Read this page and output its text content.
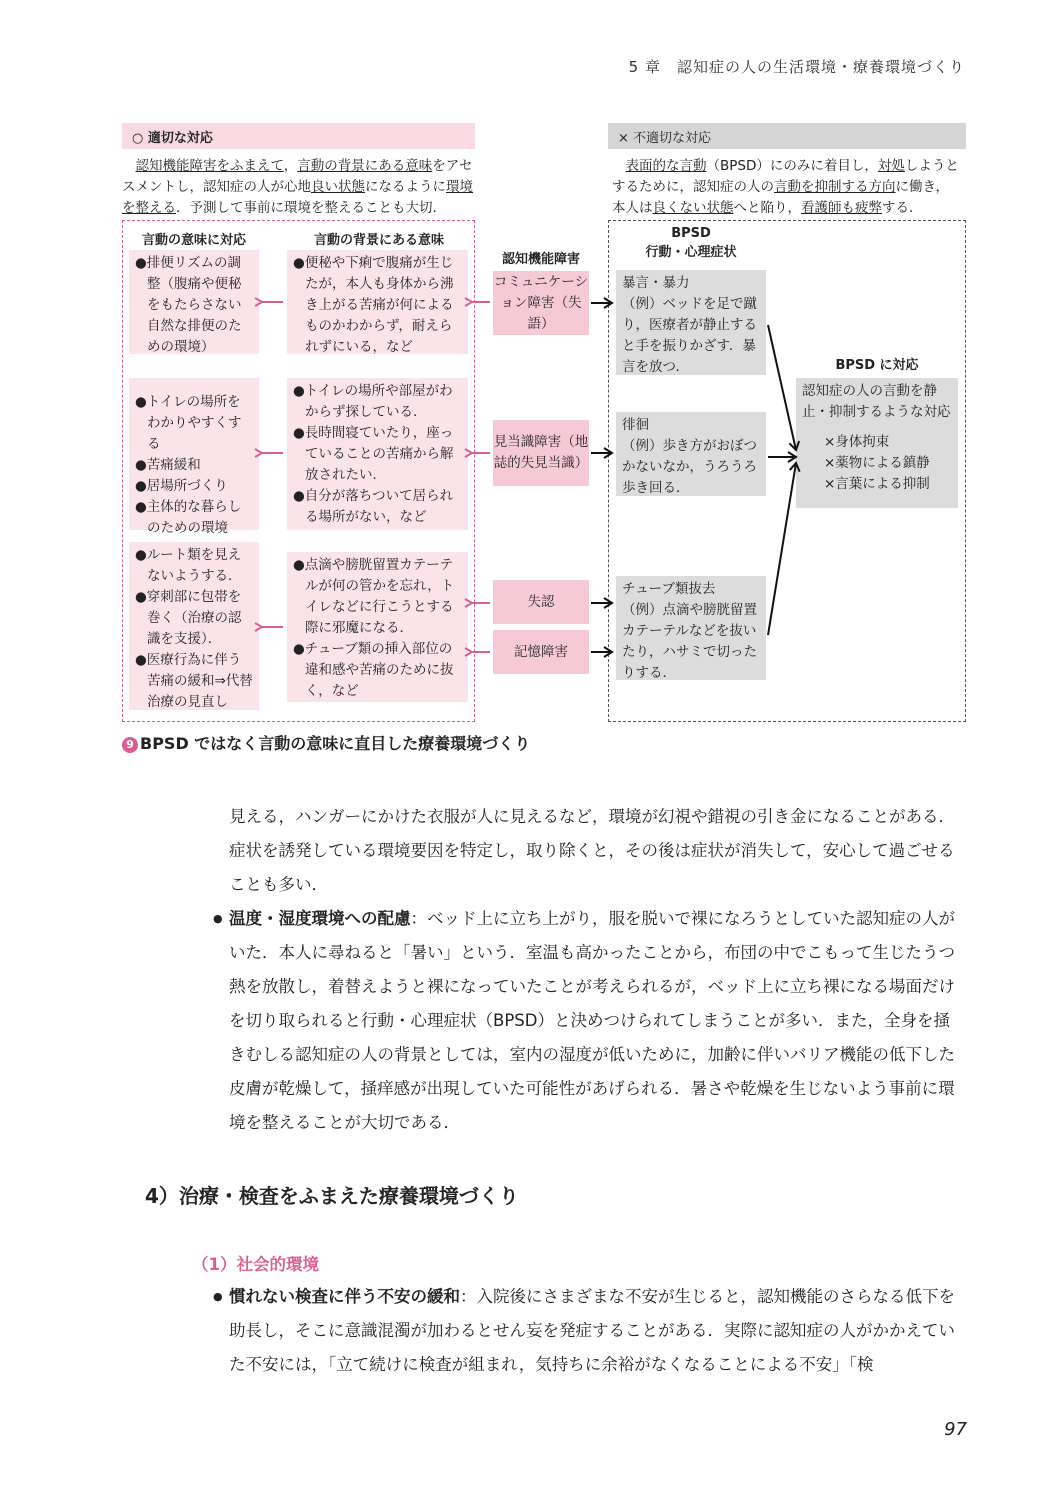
5 章　認知症の人の生活環境・療養環境づくり
○ 適切な対応	× 不適切な対応
　認知機能障害をふまえて，言動の背景にある意味をアセスメントし，認知症の人が心地良い状態になるように環境を整える．予測して事前に環境を整えることも大切．
　表面的な言動（BPSD）にのみに着目し，対処しようとするために，認知症の人の言動を抑制する方向に働き，本人は良くない状態へと陥り，看護師も疲弊する．
言動の意味に対応	言動の背景にある意味
認知機能障害
BPSD
行動・心理症状
BPSD に対応
●排便リズムの調整（腹痛や便秘をもたらさない自然な排便のための環境）
●便秘や下痢で腹痛が生じたが，本人も身体から沸き上がる苦痛が何によるものかわからず，耐えられずにいる，など
コミュニケーション障害（失語）
暴言・暴力
（例）ベッドを足で蹴り，医療者が静止すると手を振りかざす．暴言を放つ．
●トイレの場所をわかりやすくする
●苦痛緩和
●居場所づくり
●主体的な暮らしのための環境
●トイレの場所や部屋がわからず探している．
●長時間寝ていたり，座っていることの苦痛から解放されたい．
●自分が落ちついて居られる場所がない，など
見当識障害（地誌的失見当識）
徘徊
（例）歩き方がおぼつかないなか，うろうろ歩き回る．
認知症の人の言動を静止・抑制するような対応
×身体拘束
×薬物による鎮静
×言葉による抑制
●ルート類を見えないようする．
●穿刺部に包帯を巻く（治療の認識を支援）．
●医療行為に伴う苦痛の緩和⇒代替治療の見直し
●点滴や膀胱留置カテーテルが何の管かを忘れ，トイレなどに行こうとする際に邪魔になる．
●チューブ類の挿入部位の違和感や苦痛のために抜く，など
失認
記憶障害
チューブ類抜去
（例）点滴や膀胱留置カテーテルなどを抜いたり，ハサミで切ったりする．
9 BPSD ではなく言動の意味に直目した療養環境づくり

見える，ハンガーにかけた衣服が人に見えるなど，環境が幻視や錯視の引き金になることがある．症状を誘発している環境要因を特定し，取り除くと，その後は症状が消失して，安心して過ごせることも多い．

● 温度・湿度環境への配慮：ベッド上に立ち上がり，服を脱いで裸になろうとしていた認知症の人がいた．本人に尋ねると「暑い」という．室温も高かったことから，布団の中でこもって生じたうつ熱を放散し，着替えようと裸になっていたことが考えられるが，ベッド上に立ち裸になる場面だけを切り取られると行動・心理症状（BPSD）と決めつけられてしまうことが多い．また，全身を掻きむしる認知症の人の背景としては，室内の湿度が低いために，加齢に伴いバリア機能の低下した皮膚が乾燥して，掻痒感が出現していた可能性があげられる．暑さや乾燥を生じないよう事前に環境を整えることが大切である．

4）治療・検査をふまえた療養環境づくり
（1）社会的環境

● 慣れない検査に伴う不安の緩和：入院後にさまざまな不安が生じると，認知機能のさらなる低下を助長し，そこに意識混濁が加わるとせん妄を発症することがある．実際に認知症の人がかかえていた不安には，「立て続けに検査が組まれ，気持ちに余裕がなくなることによる不安」「検

97
